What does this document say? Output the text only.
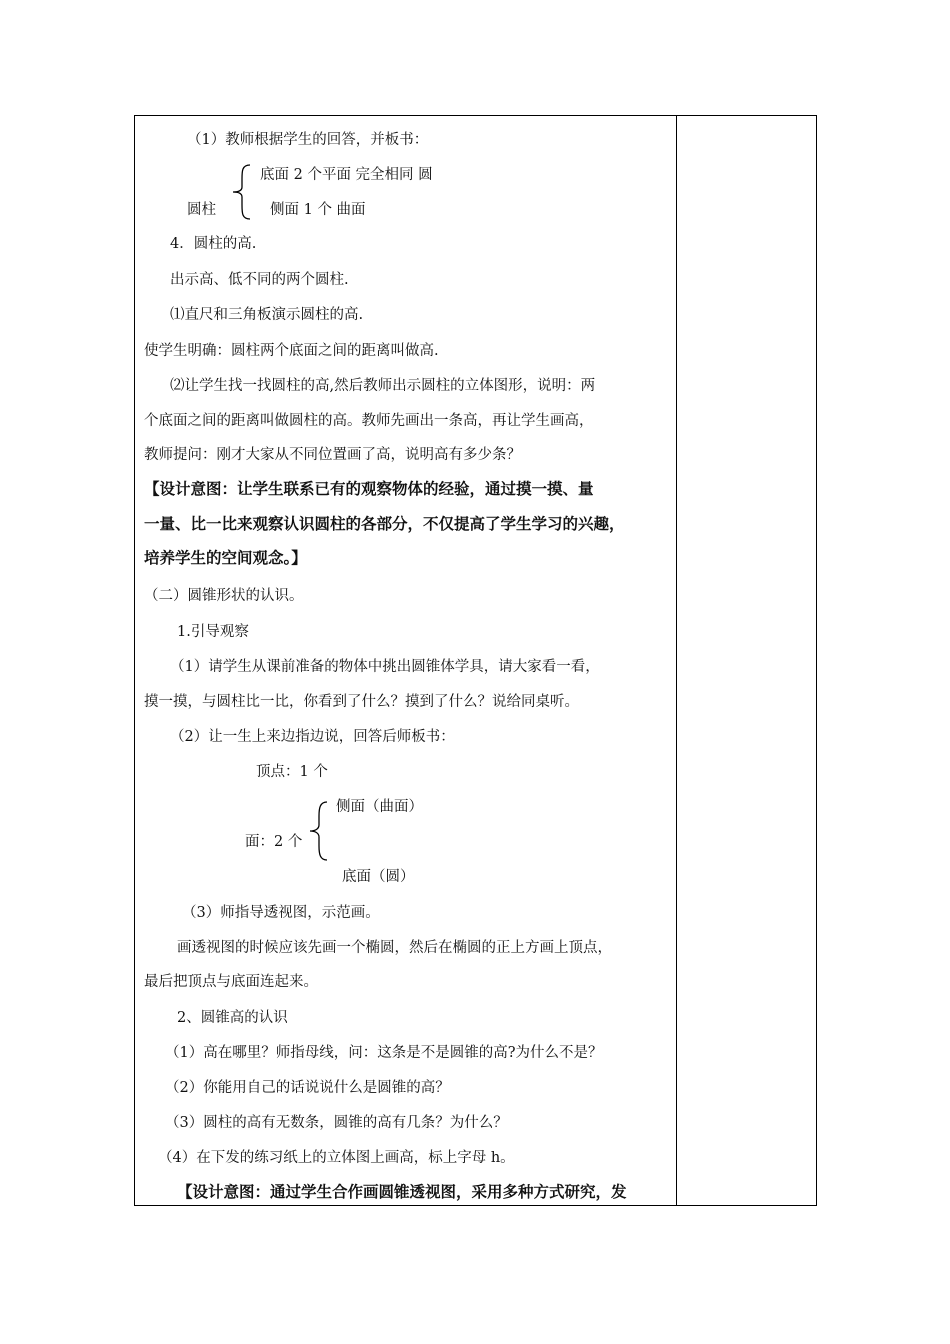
（1）教师根据学生的回答，并板书：
底面 2 个平面 完全相同 圆
圆柱	侧面 1 个 曲面
4．圆柱的高.
出示高、低不同的两个圆柱.
⑴直尺和三角板演示圆柱的高.
使学生明确：圆柱两个底面之间的距离叫做高.
⑵让学生找一找圆柱的高,然后教师出示圆柱的立体图形，说明：两
个底面之间的距离叫做圆柱的高。教师先画出一条高，再让学生画高，
教师提问：刚才大家从不同位置画了高，说明高有多少条？
【设计意图：让学生联系已有的观察物体的经验，通过摸一摸、量
一量、比一比来观察认识圆柱的各部分，不仅提高了学生学习的兴趣，
培养学生的空间观念。】
（二）圆锥形状的认识。
1.引导观察
（1）请学生从课前准备的物体中挑出圆锥体学具，请大家看一看，
摸一摸，与圆柱比一比，你看到了什么？摸到了什么？说给同桌听。
（2）让一生上来边指边说，回答后师板书：
顶点：1 个
侧面（曲面）
面：2 个
底面（圆）
（3）师指导透视图，示范画。
画透视图的时候应该先画一个椭圆，然后在椭圆的正上方画上顶点，
最后把顶点与底面连起来。
2、圆锥高的认识
（1）高在哪里？师指母线，问：这条是不是圆锥的高?为什么不是？
（2）你能用自己的话说说什么是圆锥的高？
（3）圆柱的高有无数条，圆锥的高有几条？为什么？
（4）在下发的练习纸上的立体图上画高，标上字母 h。
【设计意图：通过学生合作画圆锥透视图，采用多种方式研究，发
